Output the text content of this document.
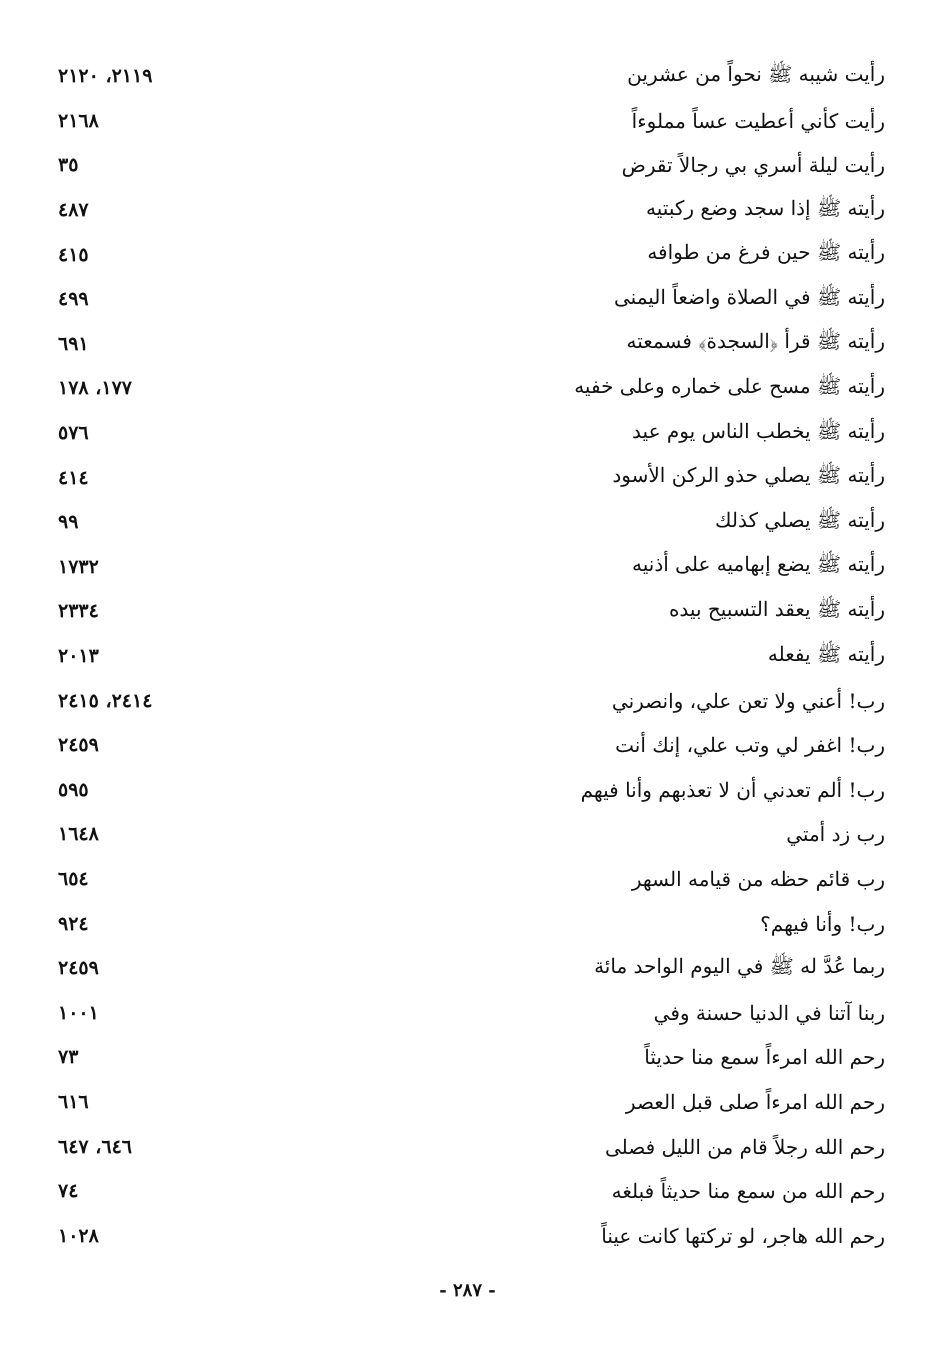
رأيت شيبه ﷺ نحواً من عشرين
٢١١٩، ٢١٢٠
رأيت كأني أعطيت عساً مملوءاً
٢١٦٨
رأيت ليلة أسري بي رجالاً تقرض
٣٥
رأيته ﷺ إذا سجد وضع ركبتيه
٤٨٧
رأيته ﷺ حين فرغ من طوافه
٤١٥
رأيته ﷺ في الصلاة واضعاً اليمنى
٤٩٩
رأيته ﷺ قرأ ﴿السجدة﴾ فسمعته
٦٩١
رأيته ﷺ مسح على خماره وعلى خفيه
١٧٧، ١٧٨
رأيته ﷺ يخطب الناس يوم عيد
٥٧٦
رأيته ﷺ يصلي حذو الركن الأسود
٤١٤
رأيته ﷺ يصلي كذلك
٩٩
رأيته ﷺ يضع إبهاميه على أذنيه
١٧٣٢
رأيته ﷺ يعقد التسبيح بيده
٢٣٣٤
رأيته ﷺ يفعله
٢٠١٣
رب! أعني ولا تعن علي، وانصرني
٢٤١٤، ٢٤١٥
رب! اغفر لي وتب علي، إنك أنت
٢٤٥٩
رب! ألم تعدني أن لا تعذبهم وأنا فيهم
٥٩٥
رب زد أمتي
١٦٤٨
رب قائم حظه من قيامه السهر
٦٥٤
رب! وأنا فيهم؟
٩٢٤
ربما عُدَّ له ﷺ في اليوم الواحد مائة
٢٤٥٩
ربنا آتنا في الدنيا حسنة وفي
١٠٠١
رحم الله امرءاً سمع منا حديثاً
٧٣
رحم الله امرءاً صلى قبل العصر
٦١٦
رحم الله رجلاً قام من الليل فصلى
٦٤٦، ٦٤٧
رحم الله من سمع منا حديثاً فبلغه
٧٤
رحم الله هاجر، لو تركتها كانت عيناً
١٠٢٨
- ٢٨٧ -
